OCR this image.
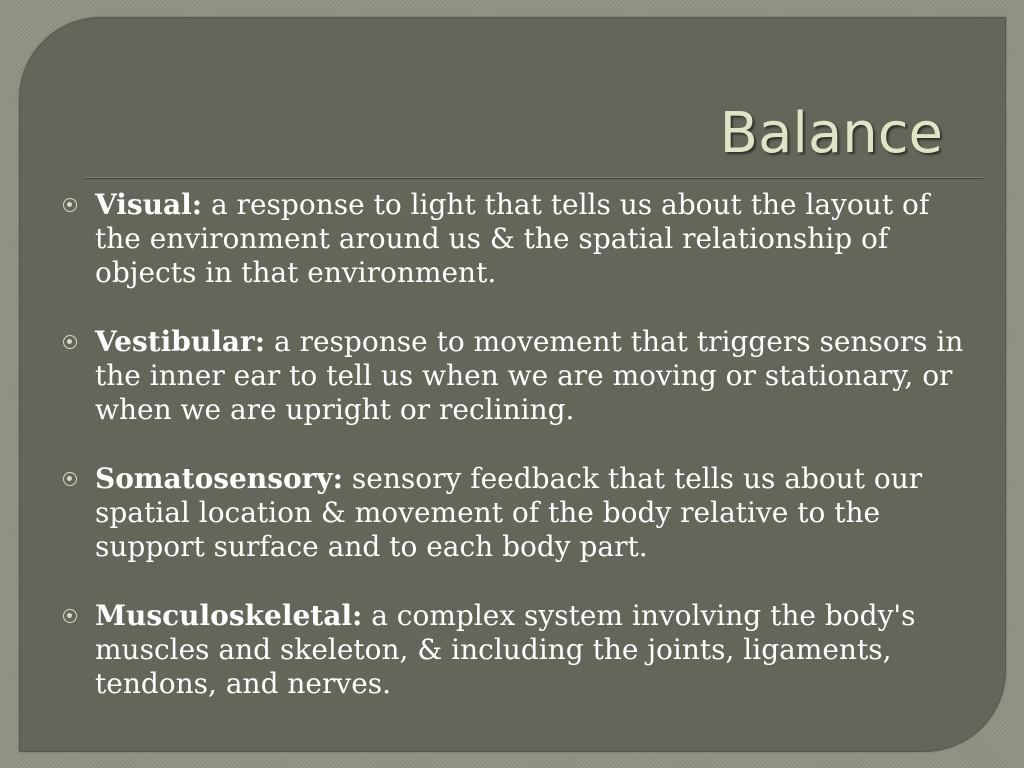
Balance
Visual: a response to light that tells us about the layout of the environment around us & the spatial relationship of objects in that environment.
Vestibular: a response to movement that triggers sensors in the inner ear to tell us when we are moving or stationary, or when we are upright or reclining.
Somatosensory: sensory feedback that tells us about our spatial location & movement of the body relative to the support surface and to each body part.
Musculoskeletal: a complex system involving the body's muscles and skeleton, & including the joints, ligaments, tendons, and nerves.
